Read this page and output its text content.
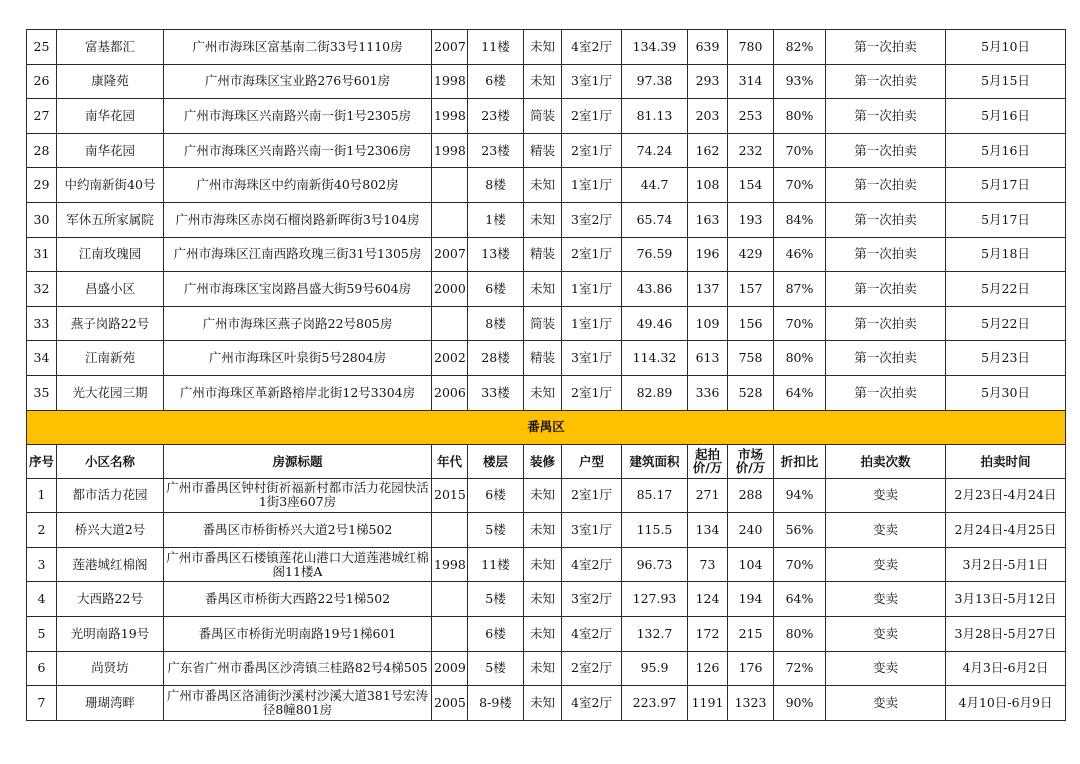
25	富基都汇	广州市海珠区富基南二街33号1110房	2007	11楼	未知	4室2厅	134.39	639	780	82%	第一次拍卖	5月10日
26	康隆苑	广州市海珠区宝业路276号601房	1998	6楼	未知	3室1厅	97.38	293	314	93%	第一次拍卖	5月15日
27	南华花园	广州市海珠区兴南路兴南一街1号2305房	1998	23楼	简装	2室1厅	81.13	203	253	80%	第一次拍卖	5月16日
28	南华花园	广州市海珠区兴南路兴南一街1号2306房	1998	23楼	精装	2室1厅	74.24	162	232	70%	第一次拍卖	5月16日
29	中约南新街40号	广州市海珠区中约南新街40号802房		8楼	未知	1室1厅	44.7	108	154	70%	第一次拍卖	5月17日
30	军休五所家属院	广州市海珠区赤岗石榴岗路新晖街3号104房		1楼	未知	3室2厅	65.74	163	193	84%	第一次拍卖	5月17日
31	江南玫瑰园	广州市海珠区江南西路玫瑰三街31号1305房	2007	13楼	精装	2室1厅	76.59	196	429	46%	第一次拍卖	5月18日
32	昌盛小区	广州市海珠区宝岗路昌盛大街59号604房	2000	6楼	未知	1室1厅	43.86	137	157	87%	第一次拍卖	5月22日
33	燕子岗路22号	广州市海珠区燕子岗路22号805房		8楼	简装	1室1厅	49.46	109	156	70%	第一次拍卖	5月22日
34	江南新苑	广州市海珠区叶泉街5号2804房	2002	28楼	精装	3室1厅	114.32	613	758	80%	第一次拍卖	5月23日
35	光大花园三期	广州市海珠区革新路榕岸北街12号3304房	2006	33楼	未知	2室1厅	82.89	336	528	64%	第一次拍卖	5月30日
番禺区												
序号	小区名称	房源标题	年代	楼层	装修	户型	建筑面积	起拍价/万	市场价/万	折扣比	拍卖次数	拍卖时间
1	都市活力花园	广州市番禺区钟村街祈福新村都市活力花园快活1街3座607房	2015	6楼	未知	2室1厅	85.17	271	288	94%	变卖	2月23日-4月24日
2	桥兴大道2号	番禺区市桥街桥兴大道2号1梯502		5楼	未知	3室1厅	115.5	134	240	56%	变卖	2月24日-4月25日
3	莲港城红棉阁	广州市番禺区石楼镇莲花山港口大道莲港城红棉阁11楼A	1998	11楼	未知	4室2厅	96.73	73	104	70%	变卖	3月2日-5月1日
4	大西路22号	番禺区市桥街大西路22号1梯502		5楼	未知	3室2厅	127.93	124	194	64%	变卖	3月13日-5月12日
5	光明南路19号	番禺区市桥街光明南路19号1梯601		6楼	未知	4室2厅	132.7	172	215	80%	变卖	3月28日-5月27日
6	尚贤坊	广东省广州市番禺区沙湾镇三桂路82号4梯505	2009	5楼	未知	2室2厅	95.9	126	176	72%	变卖	4月3日-6月2日
7	珊瑚湾畔	广州市番禺区洛浦街沙溪村沙溪大道381号宏涛径8幢801房	2005	8-9楼	未知	4室2厅	223.97	1191	1323	90%	变卖	4月10日-6月9日
